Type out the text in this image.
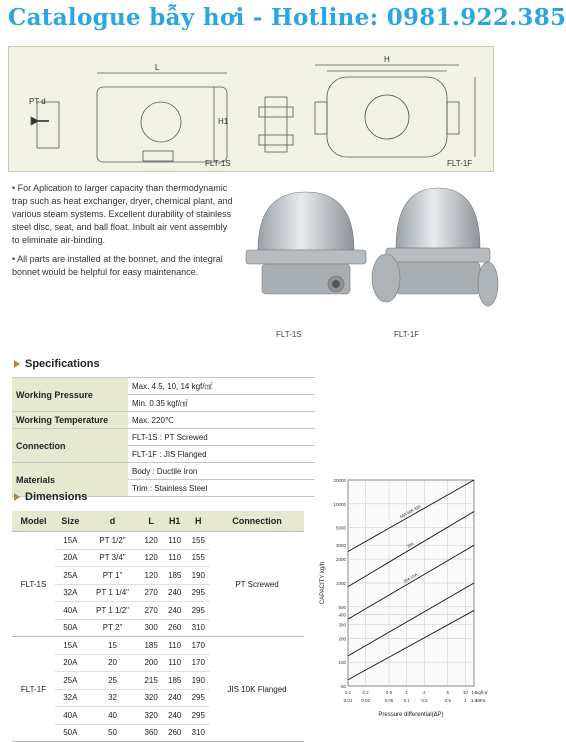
Catalogue bẫy hơi - Hotline: 0981.922.385
PT d
L
H1
H
FLT-1S	FLT-1F

• For Aplication to larger capacity than thermodynamic trap such as heat exchanger, dryer, chemical plant, and various steam systems. Excellent durability of stainless steel disc, seat, and ball float. Inbult air vent assembly to eliminate air-binding.

• All parts are installed at the bonnet, and the integral bonnet would be helpful for easy maintenance.

FLT-1S	FLT-1F
Specifications
Working Pressure	Max. 4.5, 10, 14 kgf/㎠
	Min. 0.35 kgf/㎠
Working Temperature	Max. 220℃
Connection	FLT-1S : PT Screwed
	FLT-1F : JIS Flanged
Materials	Body : Ductile Iron
	Trim : Stainless Steel
Dimensions
Model	Size	d	L	H1	H	Connection
FLT-1S	15A	PT 1/2"	120	110	155	PT Screwed
	20A	PT 3/4"	120	110	155	
	25A	PT 1"	120	185	190	
	32A	PT 1 1/4"	270	240	295	
	40A	PT 1 1/2"	270	240	295	
	50A	PT 2"	300	260	310	
FLT-1F	15A	15	185	110	170	JIS 10K Flanged
	20A	20	200	110	170	
	25A	25	215	185	190	
	32A	32	320	240	295	
	40A	40	320	240	295	
	50A	50	360	260	310	
20000
10000
5000
3000
2000
1000
500
400
300
200
100
50
0.1
0.01
0.2
0.02
0.5
0.05
1
0.1
2
0.2
5
0.5
10
1
14
1.4
kgf/㎠
MPa
Pressure differential(ΔP)
CAPACITY kg/h
50A 40A 32A
25A
20A 15A
